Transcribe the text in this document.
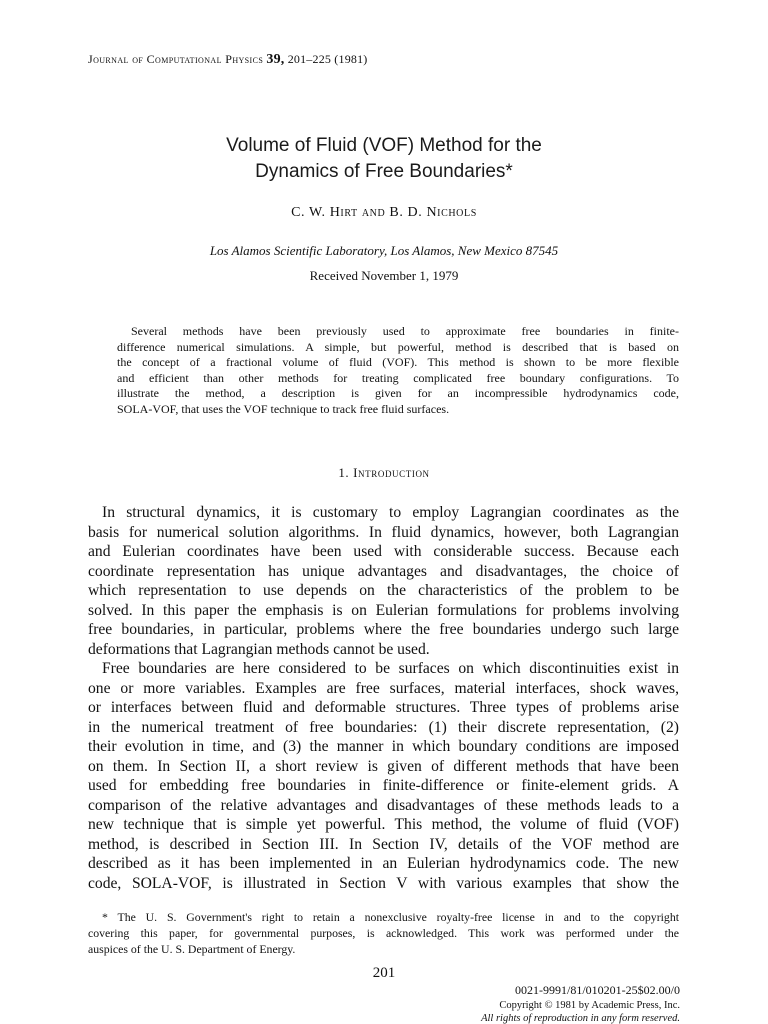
Journal of Computational Physics 39, 201–225 (1981)
Volume of Fluid (VOF) Method for the
Dynamics of Free Boundaries*
C. W. Hirt and B. D. Nichols
Los Alamos Scientific Laboratory, Los Alamos, New Mexico 87545
Received November 1, 1979
Several methods have been previously used to approximate free boundaries in finite-
difference numerical simulations. A simple, but powerful, method is described that is based on
the concept of a fractional volume of fluid (VOF). This method is shown to be more flexible
and efficient than other methods for treating complicated free boundary configurations. To
illustrate the method, a description is given for an incompressible hydrodynamics code,
SOLA-VOF, that uses the VOF technique to track free fluid surfaces.
1. Introduction
In structural dynamics, it is customary to employ Lagrangian coordinates as the
basis for numerical solution algorithms. In fluid dynamics, however, both Lagrangian
and Eulerian coordinates have been used with considerable success. Because each
coordinate representation has unique advantages and disadvantages, the choice of
which representation to use depends on the characteristics of the problem to be
solved. In this paper the emphasis is on Eulerian formulations for problems involving
free boundaries, in particular, problems where the free boundaries undergo such large
deformations that Lagrangian methods cannot be used.
Free boundaries are here considered to be surfaces on which discontinuities exist in
one or more variables. Examples are free surfaces, material interfaces, shock waves,
or interfaces between fluid and deformable structures. Three types of problems arise
in the numerical treatment of free boundaries: (1) their discrete representation, (2)
their evolution in time, and (3) the manner in which boundary conditions are imposed
on them. In Section II, a short review is given of different methods that have been
used for embedding free boundaries in finite-difference or finite-element grids. A
comparison of the relative advantages and disadvantages of these methods leads to a
new technique that is simple yet powerful. This method, the volume of fluid (VOF)
method, is described in Section III. In Section IV, details of the VOF method are
described as it has been implemented in an Eulerian hydrodynamics code. The new
code, SOLA-VOF, is illustrated in Section V with various examples that show the
* The U. S. Government's right to retain a nonexclusive royalty-free license in and to the copyright
covering this paper, for governmental purposes, is acknowledged. This work was performed under the
auspices of the U. S. Department of Energy.
201
0021-9991/81/010201-25$02.00/0
Copyright © 1981 by Academic Press, Inc.
All rights of reproduction in any form reserved.
